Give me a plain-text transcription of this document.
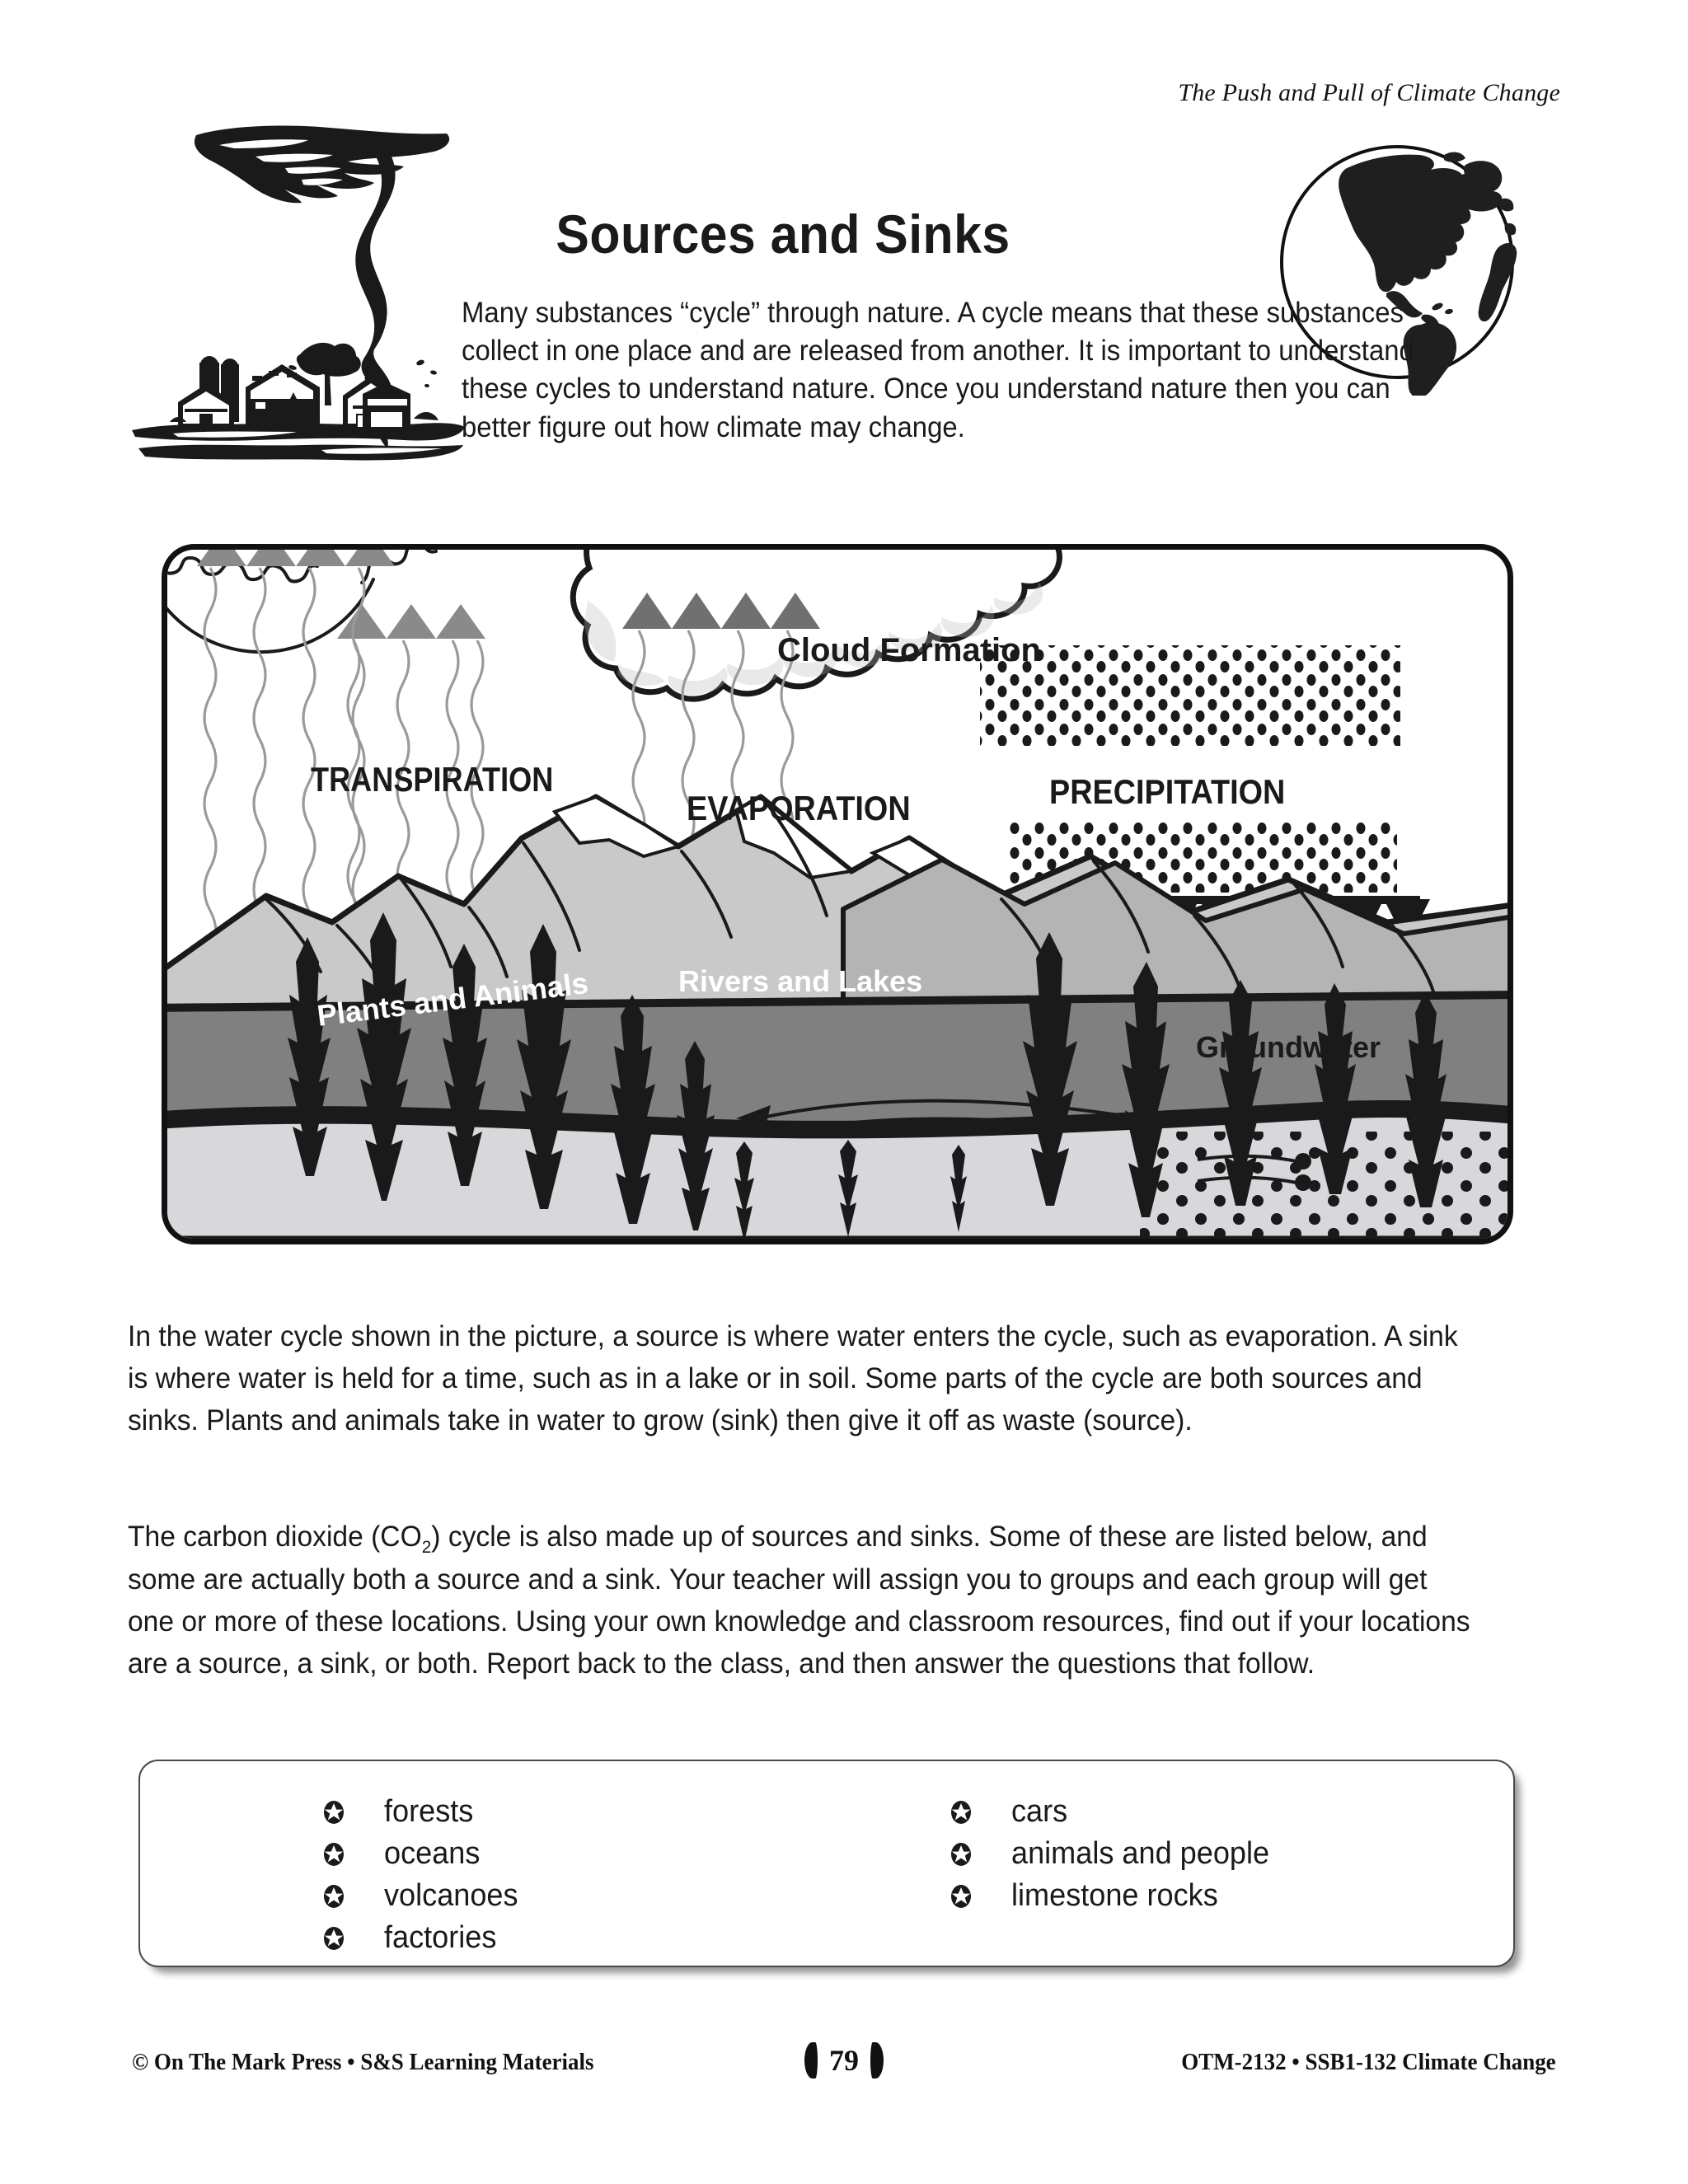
The Push and Pull of Climate Change
Sources and Sinks

Many substances “cycle” through nature. A cycle means that these substances collect in one place and are released from another. It is important to understand these cycles to understand nature. Once you understand nature then you can better figure out how climate may change.

Cloud Formation
TRANSPIRATION
EVAPORATION	PRECIPITATION
Rivers and Lakes
Plants and Animals
Groundwater

In the water cycle shown in the picture, a source is where water enters the cycle, such as evaporation. A sink is where water is held for a time, such as in a lake or in soil. Some parts of the cycle are both sources and sinks. Plants and animals take in water to grow (sink) then give it off as waste (source).

The carbon dioxide $(CO_2)$ cycle is also made up of sources and sinks. Some of these are listed below, and some are actually both a source and a sink. Your teacher will assign you to groups and each group will get one or more of these locations. Using your own knowledge and classroom resources, find out if your locations are a source, a sink, or both. Report back to the class, and then answer the questions that follow.

forests
oceans
volcanoes
factories
cars
animals and people
limestone rocks
© On The Mark Press • S&S Learning Materials	79	OTM-2132 • SSB1-132 Climate Change
